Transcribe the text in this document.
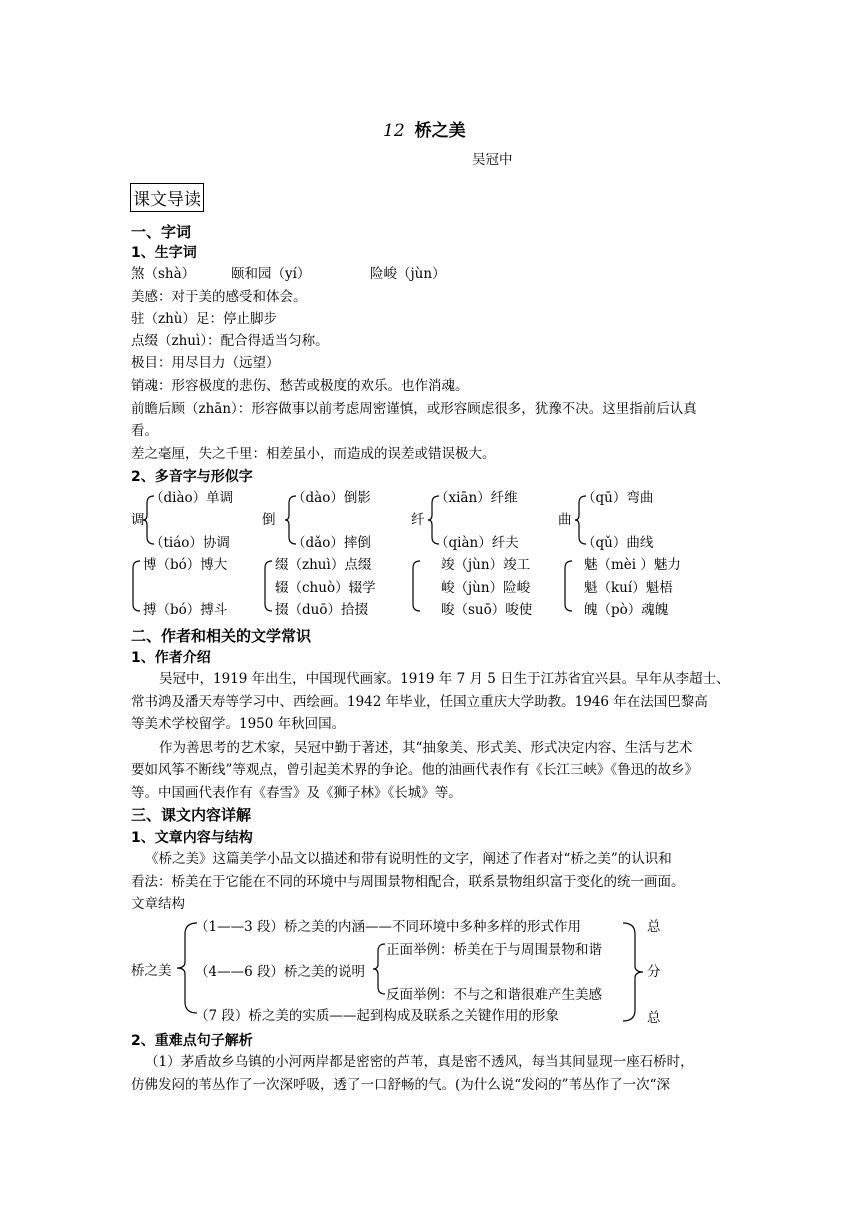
12 桥之美
吴冠中
课文导读
一、字词
1、生字词
煞（shà）	颐和园（yí）	险峻（jùn）
美感：对于美的感受和体会。
驻（zhù）足：停止脚步
点缀（zhuì）：配合得适当匀称。
极目：用尽目力（远望）
销魂：形容极度的悲伤、愁苦或极度的欢乐。也作消魂。
前瞻后顾（zhān）：形容做事以前考虑周密谨慎，或形容顾虑很多，犹豫不决。这里指前后认真
看。
差之毫厘，失之千里：相差虽小，而造成的误差或错误极大。
2、多音字与形似字
调
（diào）单调
（tiáo）协调
倒
（dào）倒影
（dǎo）摔倒
纤
（xiān）纤维
（qiàn）纤夫
曲
（qū）弯曲
（qǔ）曲线
博（bó）博大
搏（bó）搏斗
缀（zhuì）点缀
辍（chuò）辍学
掇（duō）拾掇
竣（jùn）竣工
峻（jùn）险峻
唆（suō）唆使
魅（mèi ）魅力
魁（kuí）魁梧
魄（pò）魂魄
二、作者和相关的文学常识
1、作者介绍
吴冠中，1919 年出生，中国现代画家。1919 年 7 月 5 日生于江苏省宜兴县。早年从李超士、
常书鸿及潘天寿等学习中、西绘画。1942 年毕业，任国立重庆大学助教。1946 年在法国巴黎高
等美术学校留学。1950 年秋回国。
作为善思考的艺术家，吴冠中勤于著述，其“抽象美、形式美、形式决定内容、生活与艺术
要如风筝不断线”等观点，曾引起美术界的争论。他的油画代表作有《长江三峡》《鲁迅的故乡》
等。中国画代表作有《春雪》及《狮子林》《长城》等。
三、课文内容详解
1、文章内容与结构
《桥之美》这篇美学小品文以描述和带有说明性的文字，阐述了作者对“桥之美”的认识和
看法：桥美在于它能在不同的环境中与周围景物相配合，联系景物组织富于变化的统一画面。
文章结构
桥之美
（1——3 段）桥之美的内涵——不同环境中多种多样的形式作用
（4——6 段）桥之美的说明
正面举例：桥美在于与周围景物和谐
反面举例：不与之和谐很难产生美感
（7 段）桥之美的实质——起到构成及联系之关键作用的形象
总
分
总
2、重难点句子解析
（1）茅盾故乡乌镇的小河两岸都是密密的芦苇，真是密不透风，每当其间显现一座石桥时，
仿佛发闷的苇丛作了一次深呼吸，透了一口舒畅的气。(为什么说“发闷的”苇丛作了一次“深
